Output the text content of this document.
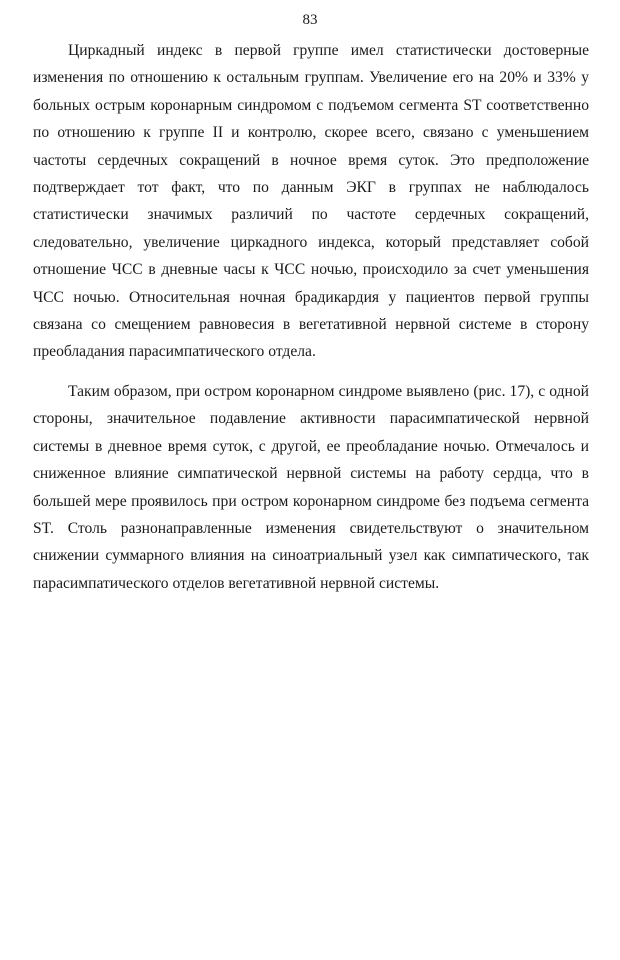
83

Циркадный индекс в первой группе имел статистически достоверные изменения по отношению к остальным группам. Увеличение его на 20% и 33% у больных острым коронарным синдромом с подъемом сегмента ST соответственно по отношению к группе II и контролю, скорее всего, связано с уменьшением частоты сердечных сокращений в ночное время суток. Это предположение подтверждает тот факт, что по данным ЭКГ в группах не наблюдалось статистически значимых различий по частоте сердечных сокращений, следовательно, увеличение циркадного индекса, который представляет собой отношение ЧСС в дневные часы к ЧСС ночью, происходило за счет уменьшения ЧСС ночью. Относительная ночная брадикардия у пациентов первой группы связана со смещением равновесия в вегетативной нервной системе в сторону преобладания парасимпатического отдела.

Таким образом, при остром коронарном синдроме выявлено (рис. 17), с одной стороны, значительное подавление активности парасимпатической нервной системы в дневное время суток, с другой, ее преобладание ночью. Отмечалось и сниженное влияние симпатической нервной системы на работу сердца, что в большей мере проявилось при остром коронарном синдроме без подъема сегмента ST. Столь разнонаправленные изменения свидетельствуют о значительном снижении суммарного влияния на синоатриальный узел как симпатического, так парасимпатического отделов вегетативной нервной системы.
